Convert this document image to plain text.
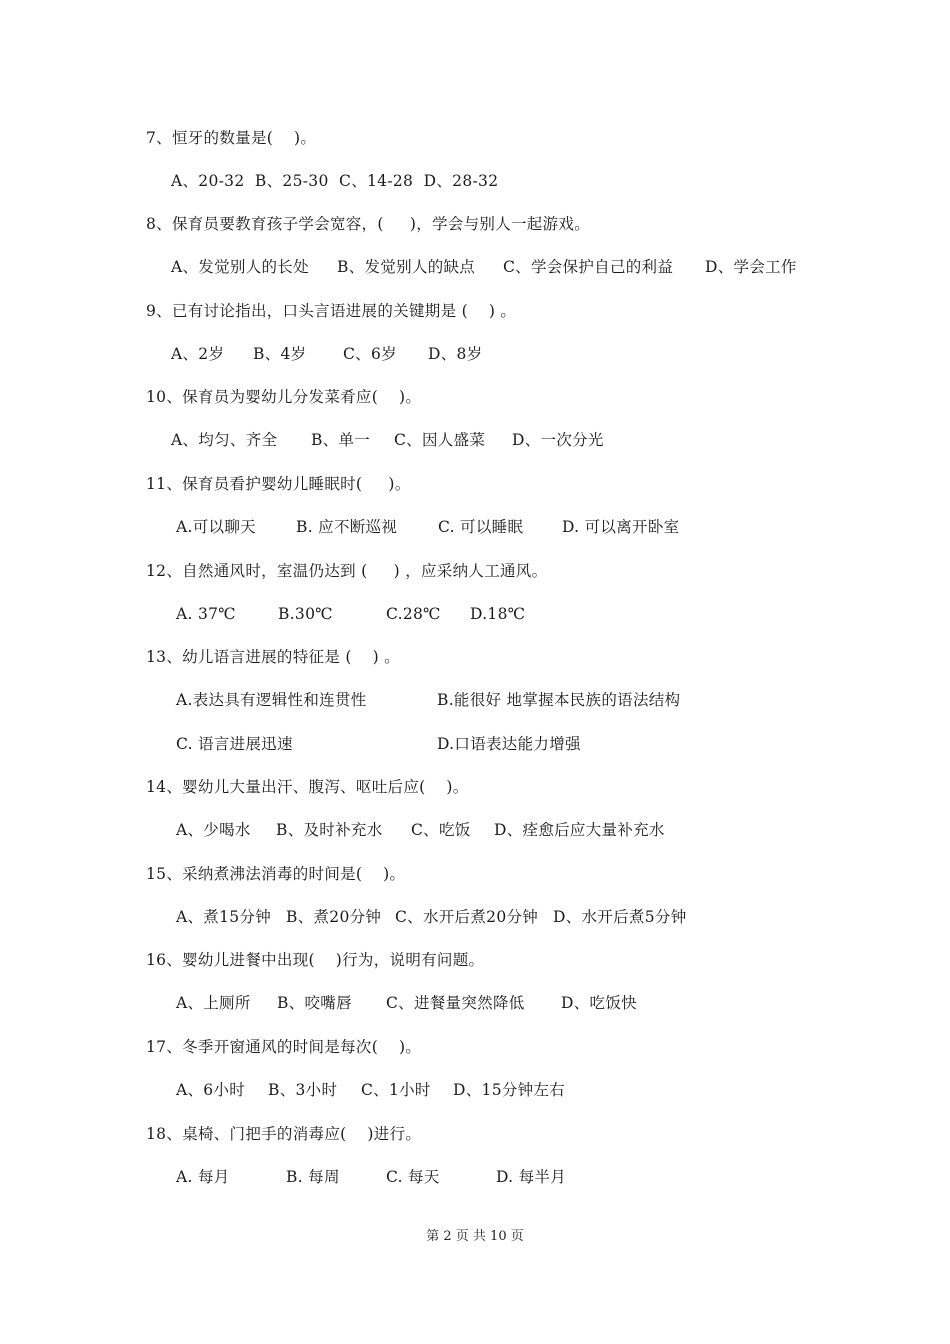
7、恒牙的数量是(    )。

A、20-32  B、25-30  C、14-28  D、28-32

8、保育员要教育孩子学会宽容，(     )，学会与别人一起游戏。

A、发觉别人的长处

B、发觉别人的缺点

C、学会保护自己的利益

D、学会工作

9、已有讨论指出，口头言语进展的关键期是 (    ) 。

A、2岁

B、4岁

C、6岁

D、8岁

10、保育员为婴幼儿分发菜肴应(    )。

A、均匀、齐全

B、单一

C、因人盛菜

D、一次分光

11、保育员看护婴幼儿睡眠时(     )。

A.可以聊天

	B. 应不断巡视

	C. 可以睡眠

D. 可以离开卧室

12、自然通风时，室温仍达到 (     ) ，应采纳人工通风。

A. 37℃

	B.30℃

	C.28℃

D.18℃

13、幼儿语言进展的特征是 (    ) 。

A.表达具有逻辑性和连贯性

	B.能很好 地掌握本民族的语法结构

C. 语言进展迅速

	D.口语表达能力增强

14、婴幼儿大量出汗、腹泻、呕吐后应(    )。

A、少喝水

B、及时补充水

C、吃饭

D、痊愈后应大量补充水

15、采纳煮沸法消毒的时间是(    )。

A、煮15分钟

B、煮20分钟

C、水开后煮20分钟

D、水开后煮5分钟

16、婴幼儿进餐中出现(    )行为，说明有问题。

A、上厕所

B、咬嘴唇

C、进餐量突然降低

D、吃饭快

17、冬季开窗通风的时间是每次(    )。

A、6小时

B、3小时

C、1小时

D、15分钟左右

18、桌椅、门把手的消毒应(    )进行。

A. 每月

	B. 每周

	C. 每天

	D. 每半月

第 2 页 共 10 页
